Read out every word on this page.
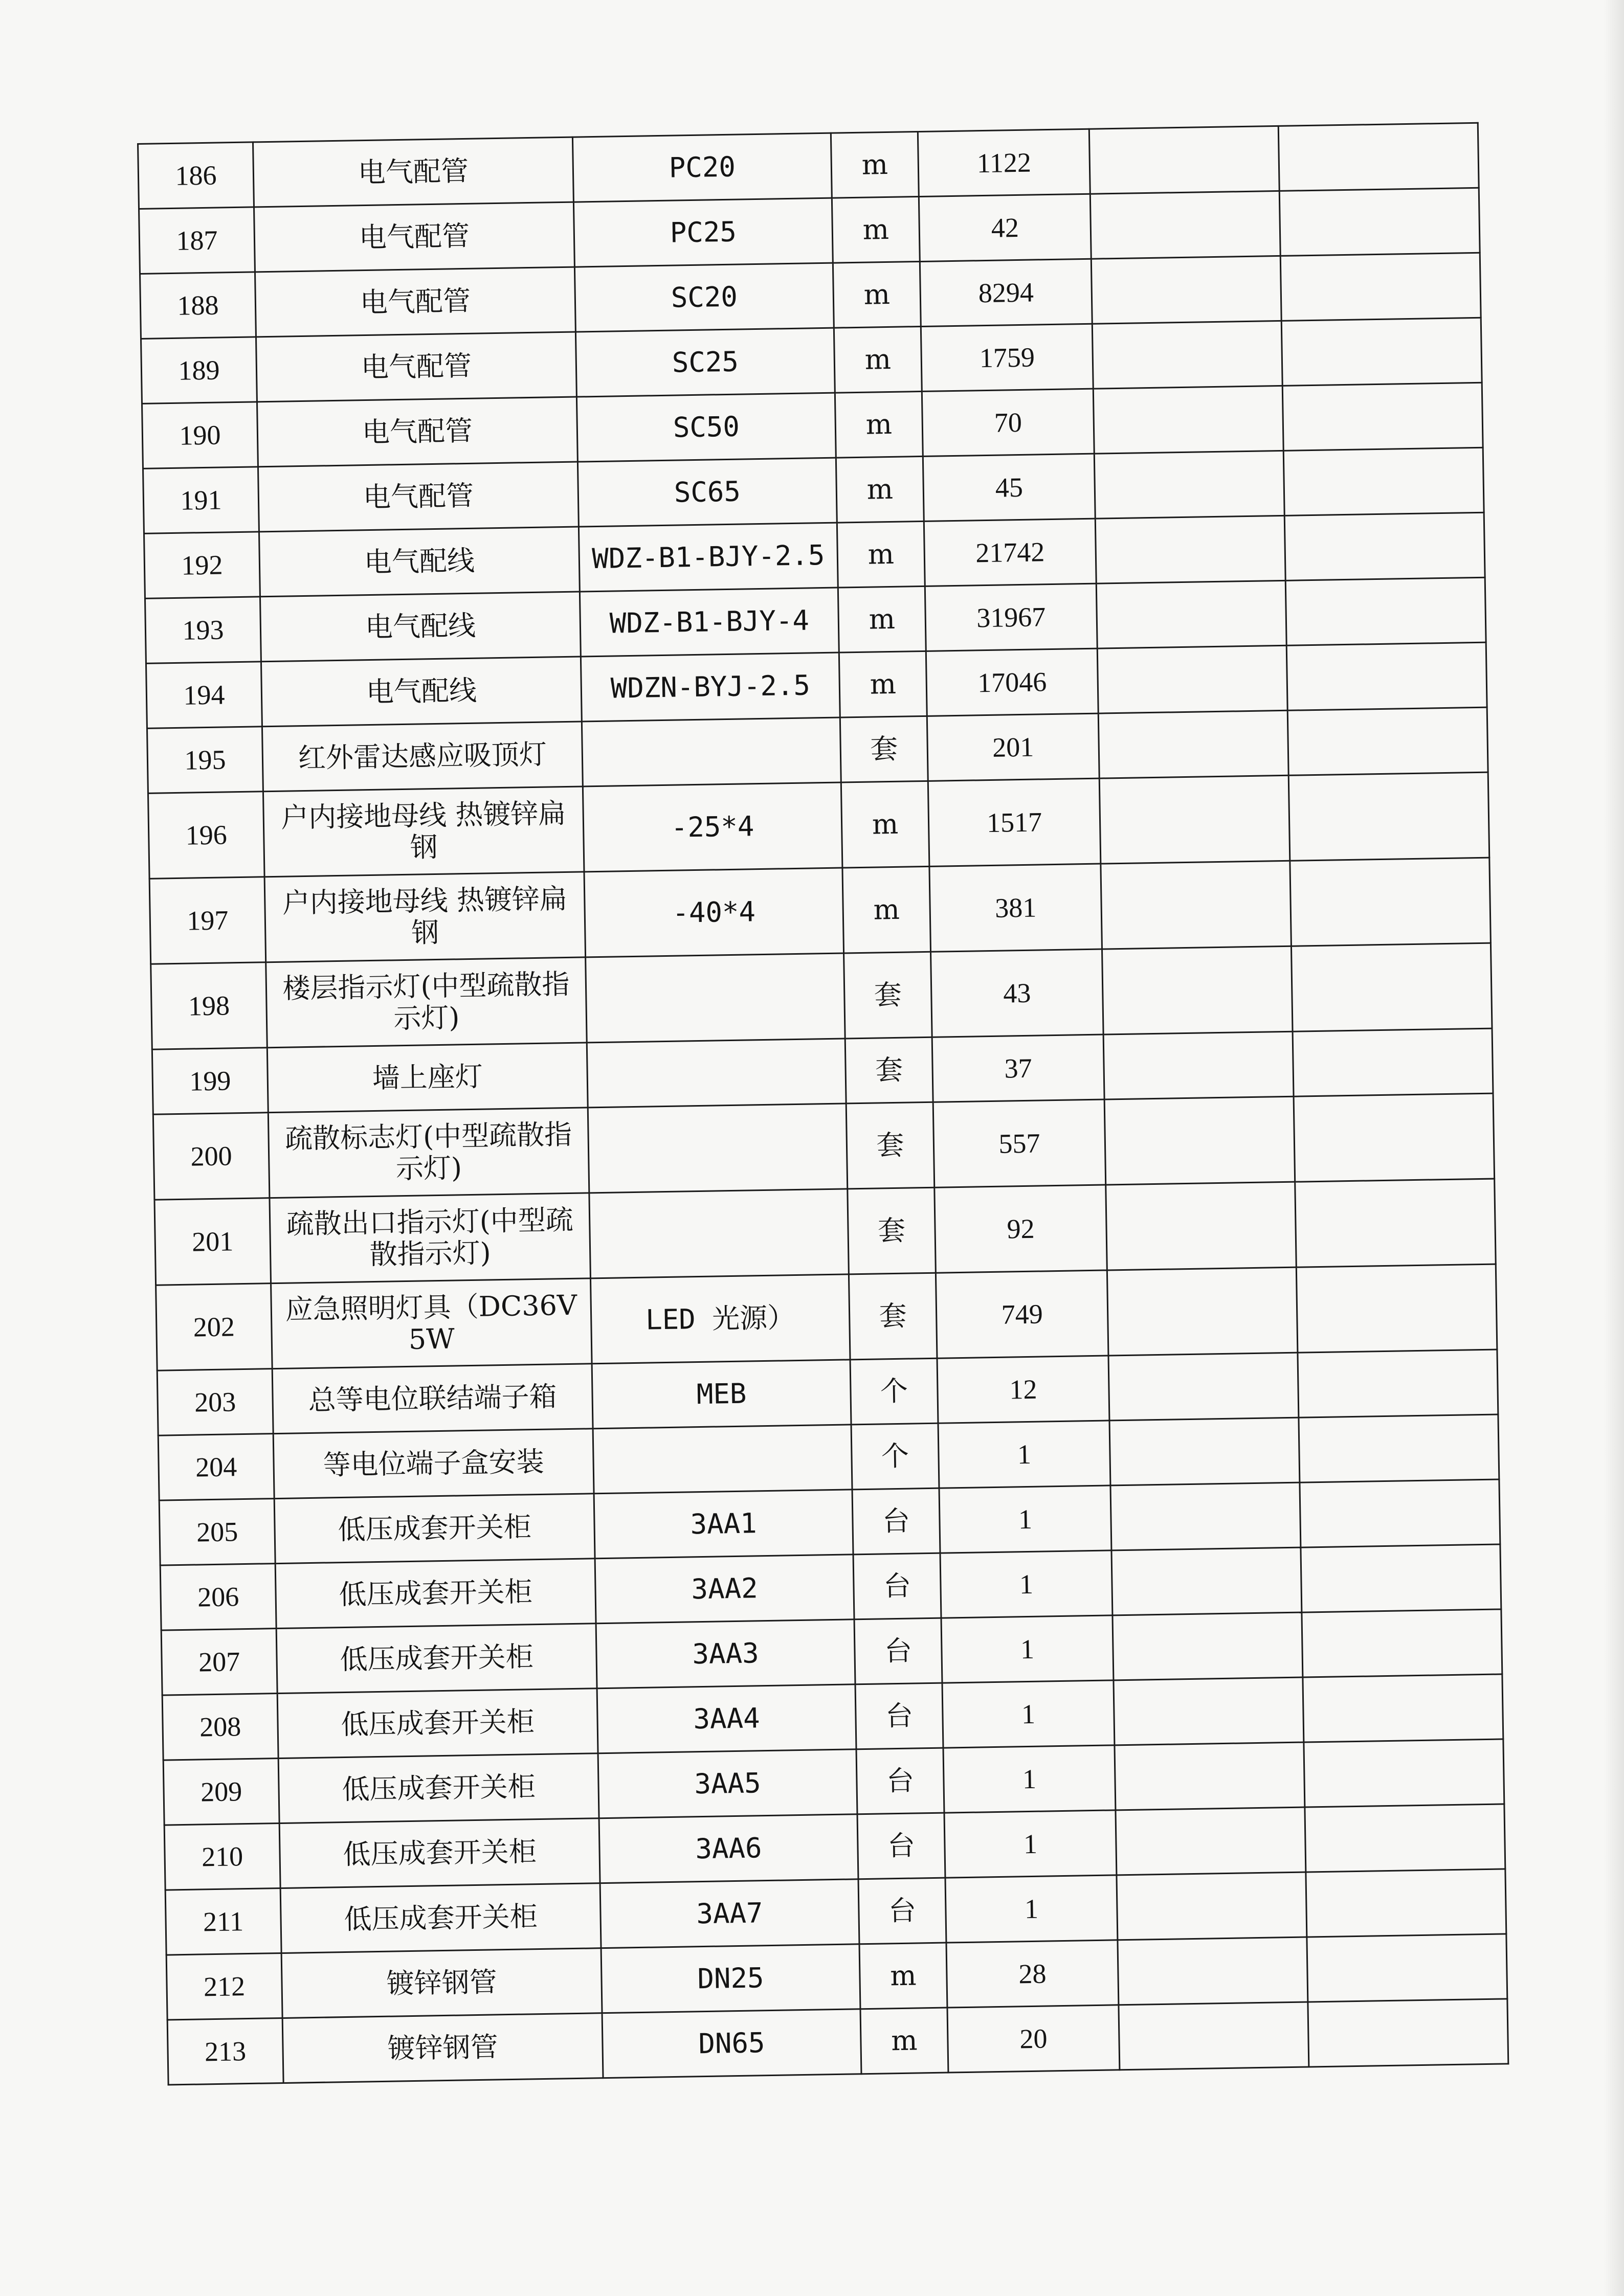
186	电气配管	PC20	m	1122		
187	电气配管	PC25	m	42		
188	电气配管	SC20	m	8294		
189	电气配管	SC25	m	1759		
190	电气配管	SC50	m	70		
191	电气配管	SC65	m	45		
192	电气配线	WDZ-B1-BJY-2.5	m	21742		
193	电气配线	WDZ-B1-BJY-4	m	31967		
194	电气配线	WDZN-BYJ-2.5	m	17046		
195	红外雷达感应吸顶灯		套	201		
196	户内接地母线 热镀锌扁钢	-25*4	m	1517		
197	户内接地母线 热镀锌扁钢	-40*4	m	381		
198	楼层指示灯(中型疏散指示灯)		套	43		
199	墙上座灯		套	37		
200	疏散标志灯(中型疏散指示灯)		套	557		
201	疏散出口指示灯(中型疏散指示灯)		套	92		
202	应急照明灯具（DC36V 5W	LED 光源）	套	749		
203	总等电位联结端子箱	MEB	个	12		
204	等电位端子盒安装		个	1		
205	低压成套开关柜	3AA1	台	1		
206	低压成套开关柜	3AA2	台	1		
207	低压成套开关柜	3AA3	台	1		
208	低压成套开关柜	3AA4	台	1		
209	低压成套开关柜	3AA5	台	1		
210	低压成套开关柜	3AA6	台	1		
211	低压成套开关柜	3AA7	台	1		
212	镀锌钢管	DN25	m	28		
213	镀锌钢管	DN65	m	20		
